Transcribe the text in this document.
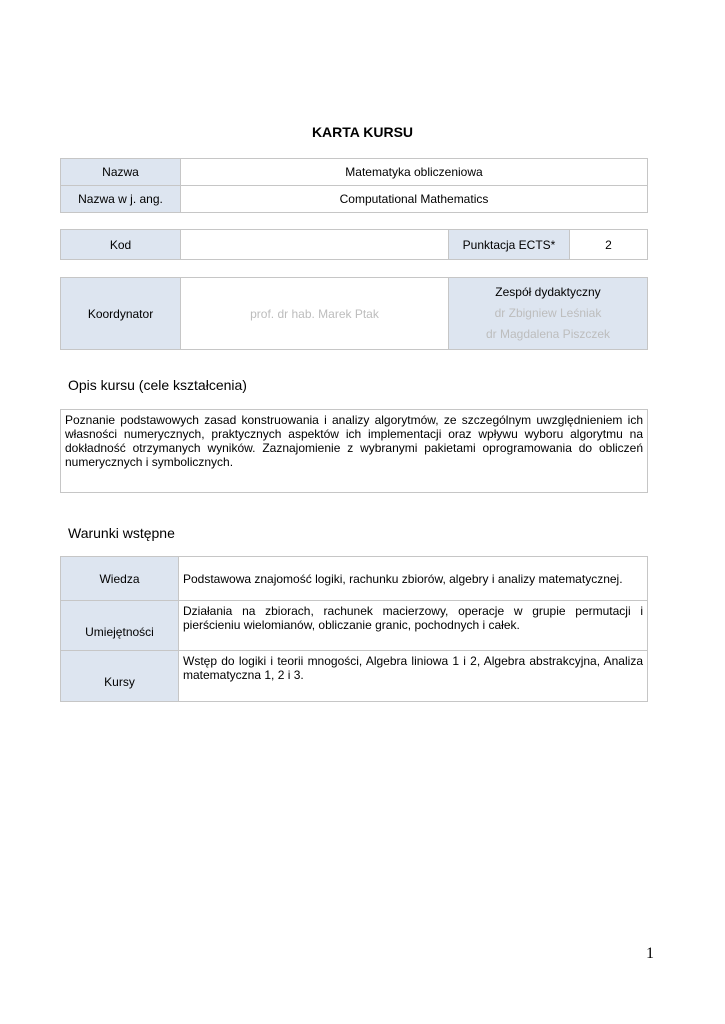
KARTA KURSU
Nazwa	Matematyka obliczeniowa
Nazwa w j. ang.	Computational Mathematics
Kod		Punktacja ECTS*	2
Koordynator	prof. dr hab. Marek Ptak	
Zespół dydaktyczny
dr Zbigniew Leśniak
dr Magdalena Piszczek
Opis kursu (cele kształcenia)
Poznanie podstawowych zasad konstruowania i analizy algorytmów, ze szczególnym uwzględnieniem ich własności numerycznych, praktycznych aspektów ich implementacji oraz wpływu wyboru algorytmu na dokładność otrzymanych wyników. Zaznajomienie z wybranymi pakietami oprogramowania do obliczeń numerycznych i symbolicznych.
Warunki wstępne
Wiedza	Podstawowa znajomość logiki, rachunku zbiorów, algebry i analizy matematycznej.
Umiejętności	Działania na zbiorach, rachunek macierzowy, operacje w grupie permutacji i pierścieniu wielomianów, obliczanie granic, pochodnych i całek.
Kursy	Wstęp do logiki i teorii mnogości, Algebra liniowa 1 i 2, Algebra abstrakcyjna, Analiza matematyczna 1, 2 i 3.
1
